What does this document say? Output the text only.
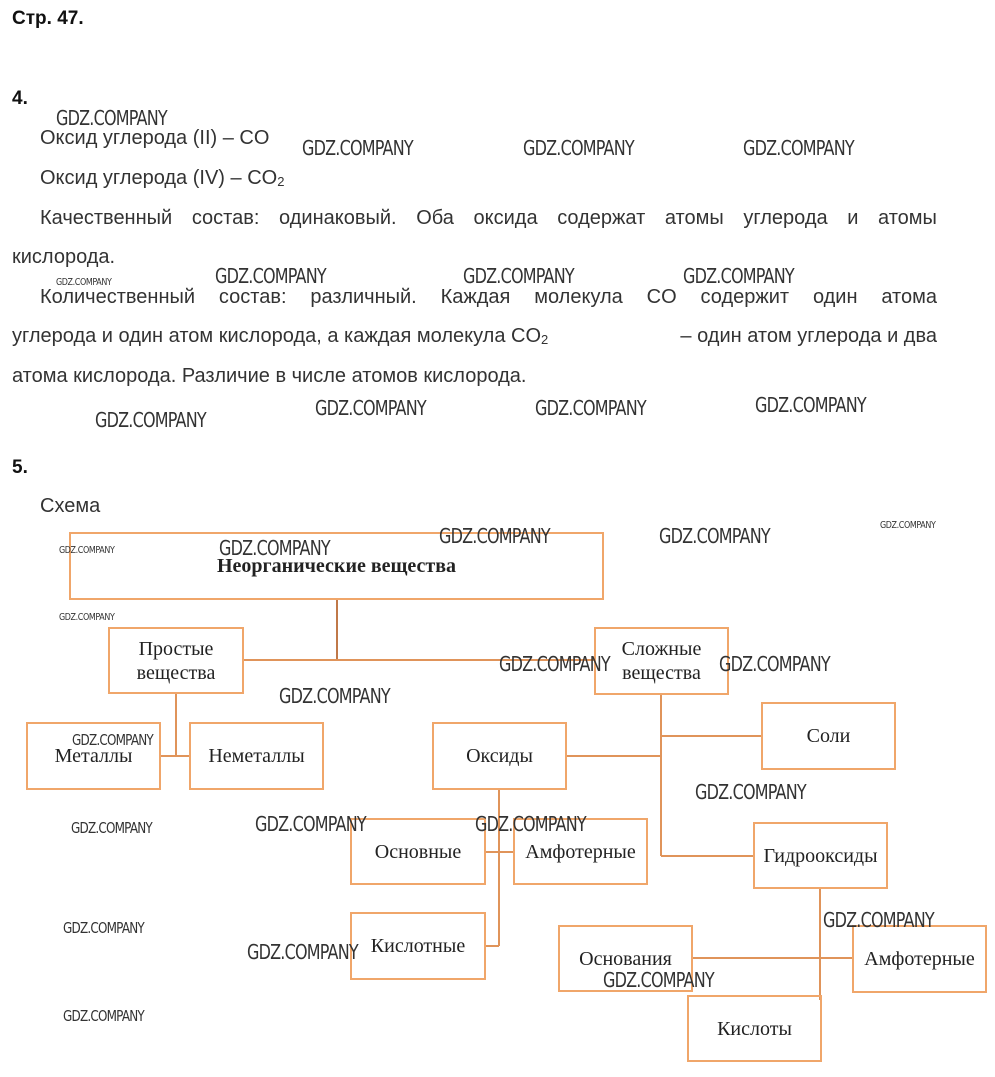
Стр. 47.
4.
Оксид углерода (II) – CO
Оксид углерода $(IV) - CO_2$
Качественный состав: одинаковый. Оба оксида содержат атомы углерода и атомы
кислорода.
Количественный состав: различный. Каждая молекула CO содержит один атома
углерода и один атом кислорода, а каждая молекула $CO_2$	– один атом углерода и два
атома кислорода. Различие в числе атомов кислорода.
5.
Схема
Неорганические вещества
Простые вещества
Сложные вещества
Металлы	Неметаллы	Оксиды
Соли
Основные	Амфотерные	Гидрооксиды
Кислотные
Основания	Амфотерные
Кислоты
GDZ.COMPANY
GDZ.COMPANY	GDZ.COMPANY	GDZ.COMPANY
GDZ.COMPANY	GDZ.COMPANY	GDZ.COMPANY	GDZ.COMPANY
GDZ.COMPANY	GDZ.COMPANY	GDZ.COMPANY	GDZ.COMPANY
GDZ.COMPANY	GDZ.COMPANY	GDZ.COMPANY
GDZ.COMPANY	GDZ.COMPANY
GDZ.COMPANY
GDZ.COMPANY	GDZ.COMPANY
GDZ.COMPANY
GDZ.COMPANY
GDZ.COMPANY
GDZ.COMPANY	GDZ.COMPANY	GDZ.COMPANY
GDZ.COMPANY
GDZ.COMPANY
GDZ.COMPANY
GDZ.COMPANY
GDZ.COMPANY
